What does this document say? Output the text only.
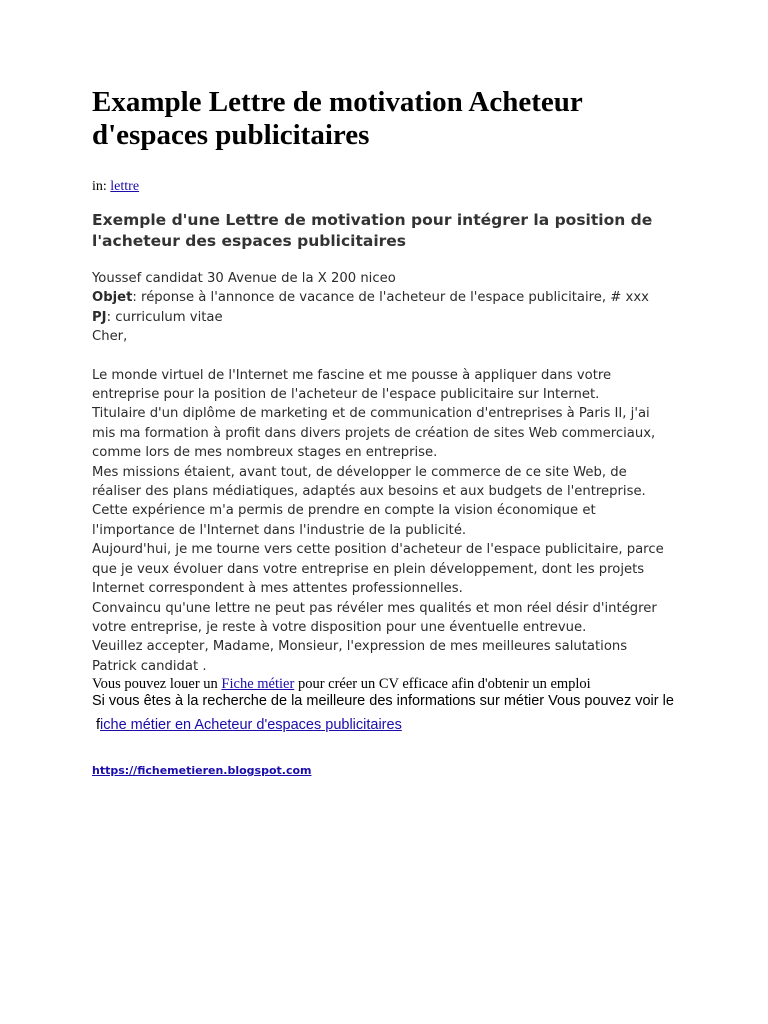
Example Lettre de motivation Acheteur d'espaces publicitaires
in: lettre
Exemple d'une Lettre de motivation pour intégrer la position de l'acheteur des espaces publicitaires
Youssef candidat 30 Avenue de la X 200 niceo
Objet: réponse à l'annonce de vacance de l'acheteur de l'espace publicitaire, # xxx
PJ: curriculum vitae
Cher,
Le monde virtuel de l'Internet me fascine et me pousse à appliquer dans votre
entreprise pour la position de l'acheteur de l'espace publicitaire sur Internet.
Titulaire d'un diplôme de marketing et de communication d'entreprises à Paris II, j'ai
mis ma formation à profit dans divers projets de création de sites Web commerciaux,
comme lors de mes nombreux stages en entreprise.
Mes missions étaient, avant tout, de développer le commerce de ce site Web, de
réaliser des plans médiatiques, adaptés aux besoins et aux budgets de l'entreprise.
Cette expérience m'a permis de prendre en compte la vision économique et
l'importance de l'Internet dans l'industrie de la publicité.
Aujourd'hui, je me tourne vers cette position d'acheteur de l'espace publicitaire, parce
que je veux évoluer dans votre entreprise en plein développement, dont les projets
Internet correspondent à mes attentes professionnelles.
Convaincu qu'une lettre ne peut pas révéler mes qualités et mon réel désir d'intégrer
votre entreprise, je reste à votre disposition pour une éventuelle entrevue.
Veuillez accepter, Madame, Monsieur, l'expression de mes meilleures salutations
Patrick candidat .
Vous pouvez louer un Fiche métier pour créer un CV efficace afin d'obtenir un emploi
Si vous êtes à la recherche de la meilleure des informations sur métier Vous pouvez voir le
fiche métier en Acheteur d'espaces publicitaires
https://fichemetieren.blogspot.com
